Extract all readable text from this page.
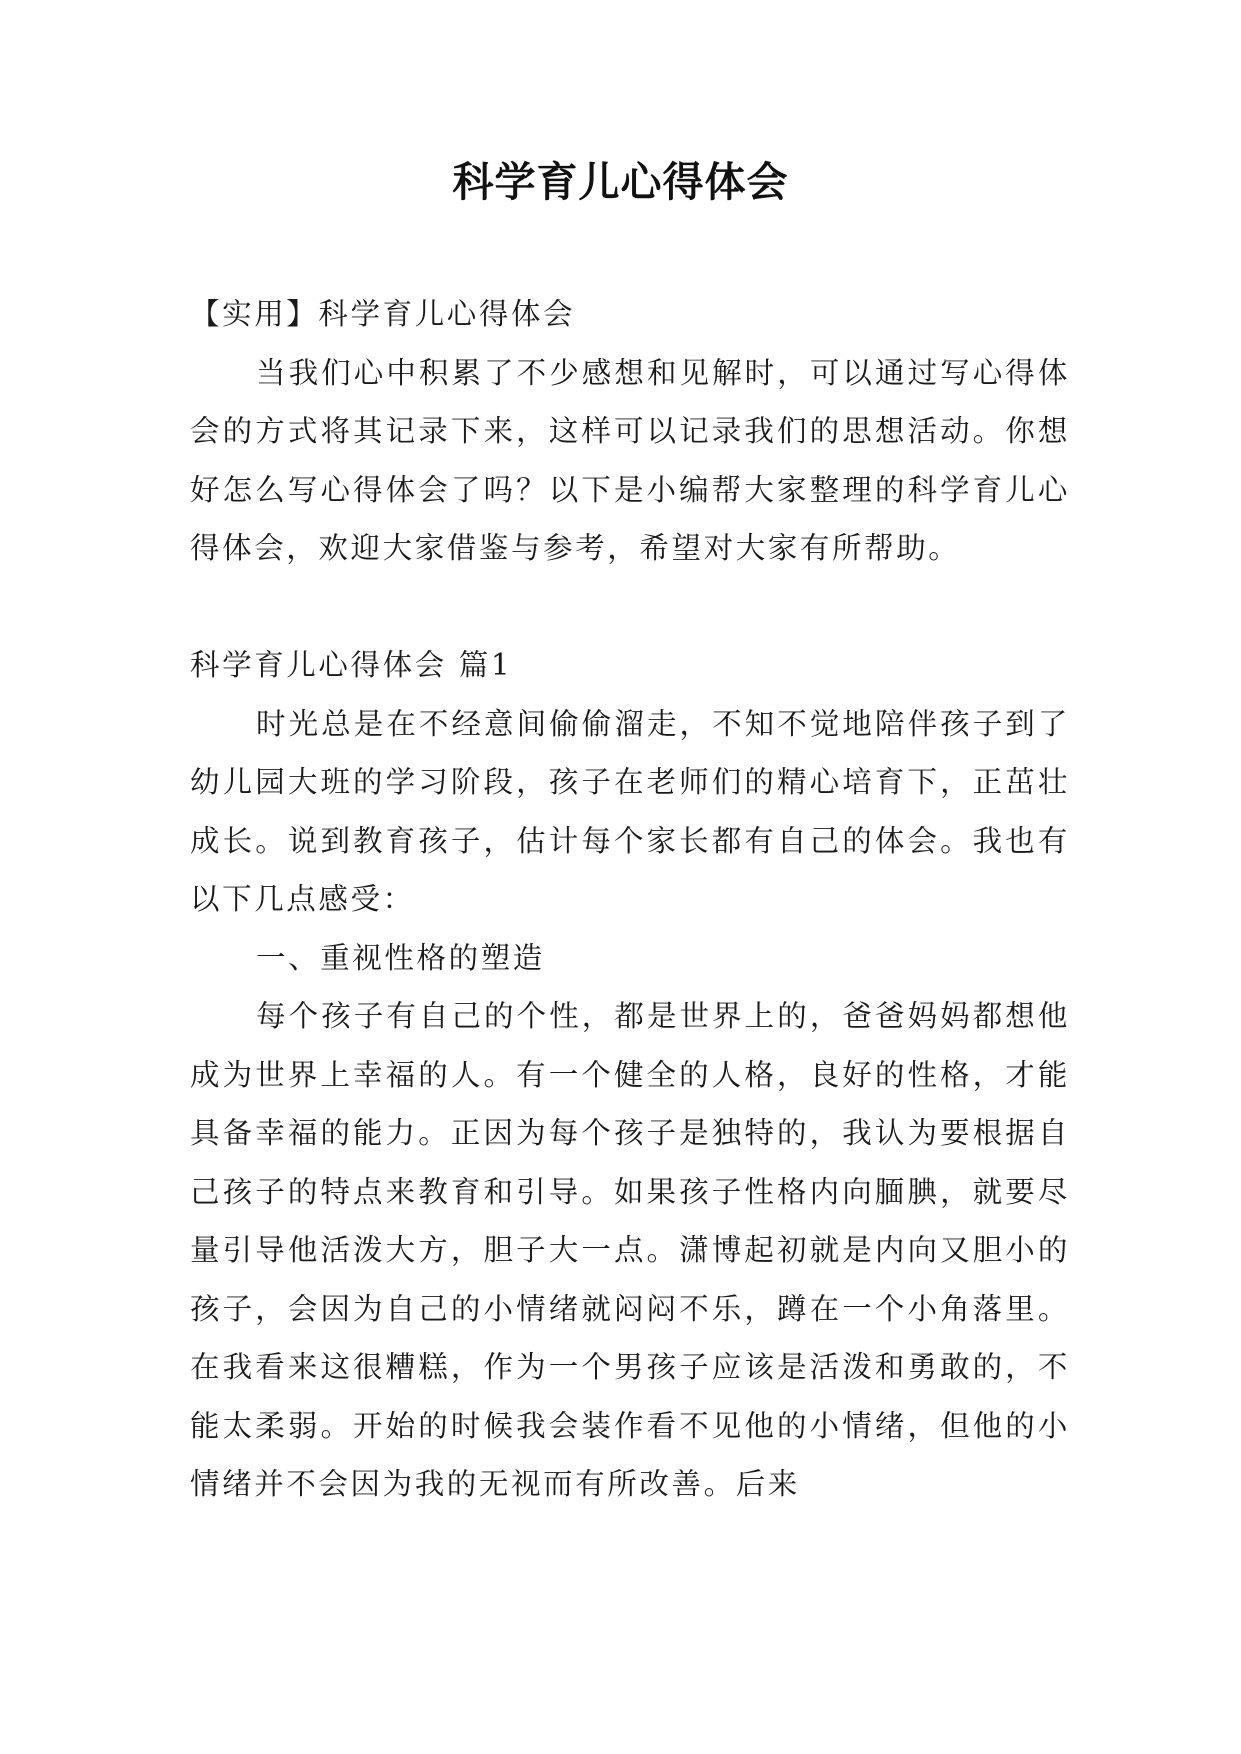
科学育儿心得体会

【实用】科学育儿心得体会

当我们心中积累了不少感想和见解时，可以通过写心得体会的方式将其记录下来，这样可以记录我们的思想活动。你想好怎么写心得体会了吗？以下是小编帮大家整理的科学育儿心得体会，欢迎大家借鉴与参考，希望对大家有所帮助。

科学育儿心得体会 篇1

时光总是在不经意间偷偷溜走，不知不觉地陪伴孩子到了幼儿园大班的学习阶段，孩子在老师们的精心培育下，正茁壮成长。说到教育孩子，估计每个家长都有自己的体会。我也有以下几点感受：

一、重视性格的塑造

每个孩子有自己的个性，都是世界上的，爸爸妈妈都想他成为世界上幸福的人。有一个健全的人格，良好的性格，才能具备幸福的能力。正因为每个孩子是独特的，我认为要根据自己孩子的特点来教育和引导。如果孩子性格内向腼腆，就要尽量引导他活泼大方，胆子大一点。潇博起初就是内向又胆小的孩子，会因为自己的小情绪就闷闷不乐，蹲在一个小角落里。在我看来这很糟糕，作为一个男孩子应该是活泼和勇敢的，不能太柔弱。开始的时候我会装作看不见他的小情绪，但他的小情绪并不会因为我的无视而有所改善。后来
